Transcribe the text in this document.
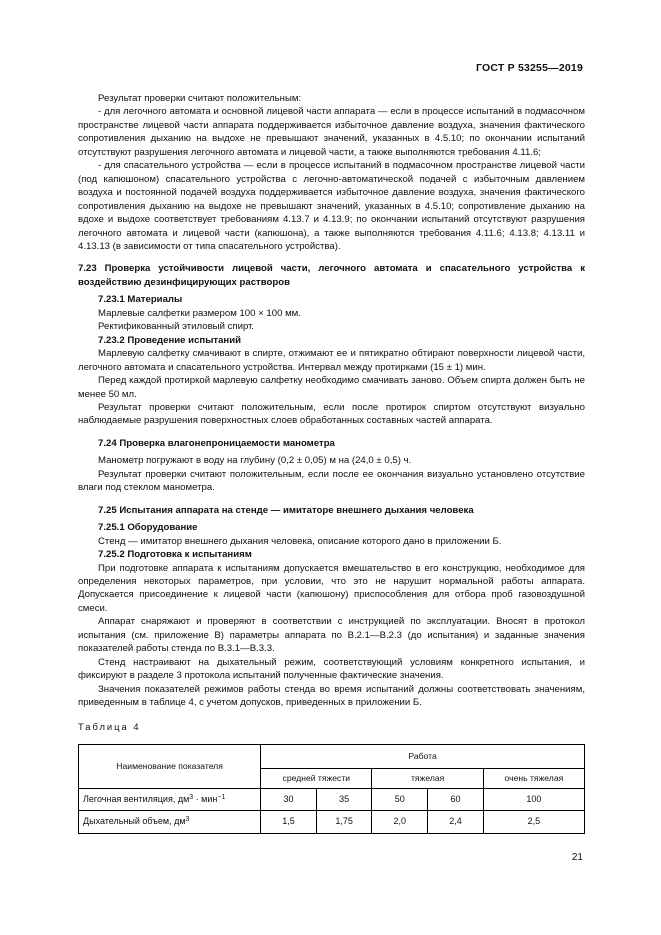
ГОСТ Р 53255—2019

Результат проверки считают положительным:

- для легочного автомата и основной лицевой части аппарата — если в процессе испытаний в подмасочном пространстве лицевой части аппарата поддерживается избыточное давление воздуха, значения фактического сопротивления дыханию на выдохе не превышают значений, указанных в 4.5.10; по окончании испытаний отсутствуют разрушения легочного автомата и лицевой части, а также выполняются требования 4.11.6;

- для спасательного устройства — если в процессе испытаний в подмасочном пространстве лицевой части (под капюшоном) спасательного устройства с легочно-автоматической подачей с избыточным давлением воздуха и постоянной подачей воздуха поддерживается избыточное давление воздуха, значения фактического сопротивления дыханию на выдохе не превышают значений, указанных в 4.5.10; сопротивление дыханию на вдохе и выдохе соответствует требованиям 4.13.7 и 4.13.9; по окончании испытаний отсутствуют разрушения легочного автомата и лицевой части (капюшона), а также выполняются требования 4.11.6; 4.13.8; 4.13.11 и 4.13.13 (в зависимости от типа спасательного устройства).

7.23 Проверка устойчивости лицевой части, легочного автомата и спасательного устройства к воздействию дезинфицирующих растворов

7.23.1 Материалы

Марлевые салфетки размером 100 × 100 мм.

Ректификованный этиловый спирт.

7.23.2 Проведение испытаний

Марлевую салфетку смачивают в спирте, отжимают ее и пятикратно обтирают поверхности лицевой части, легочного автомата и спасательного устройства. Интервал между протирками (15 ± 1) мин.

Перед каждой протиркой марлевую салфетку необходимо смачивать заново. Объем спирта должен быть не менее 50 мл.

Результат проверки считают положительным, если после протирок спиртом отсутствуют визуально наблюдаемые разрушения поверхностных слоев обработанных составных частей аппарата.

7.24 Проверка влагонепроницаемости манометра

Манометр погружают в воду на глубину (0,2 ± 0,05) м на (24,0 ± 0,5) ч.

Результат проверки считают положительным, если после ее окончания визуально установлено отсутствие влаги под стеклом манометра.

7.25 Испытания аппарата на стенде — имитаторе внешнего дыхания человека

7.25.1 Оборудование

Стенд — имитатор внешнего дыхания человека, описание которого дано в приложении Б.

7.25.2 Подготовка к испытаниям

При подготовке аппарата к испытаниям допускается вмешательство в его конструкцию, необходимое для определения некоторых параметров, при условии, что это не нарушит нормальной работы аппарата. Допускается присоединение к лицевой части (капюшону) приспособления для отбора проб газовоздушной смеси.

Аппарат снаряжают и проверяют в соответствии с инструкцией по эксплуатации. Вносят в протокол испытания (см. приложение В) параметры аппарата по В.2.1—В.2.3 (до испытания) и заданные значения показателей работы стенда по В.3.1—В.3.3.

Стенд настраивают на дыхательный режим, соответствующий условиям конкретного испытания, и фиксируют в разделе 3 протокола испытаний полученные фактические значения.

Значения показателей режимов работы стенда во время испытаний должны соответствовать значениям, приведенным в таблице 4, с учетом допусков, приведенных в приложении Б.

Таблица 4

Наименование показателя	Работа				
	средней тяжести		тяжелая		очень тяжелая
Легочная вентиляция, $дм^3 \cdot мин^{-1}$	30	35	50	60	100
Дыхательный объем, $дм^3$	1,5	1,75	2,0	2,4	2,5
21
